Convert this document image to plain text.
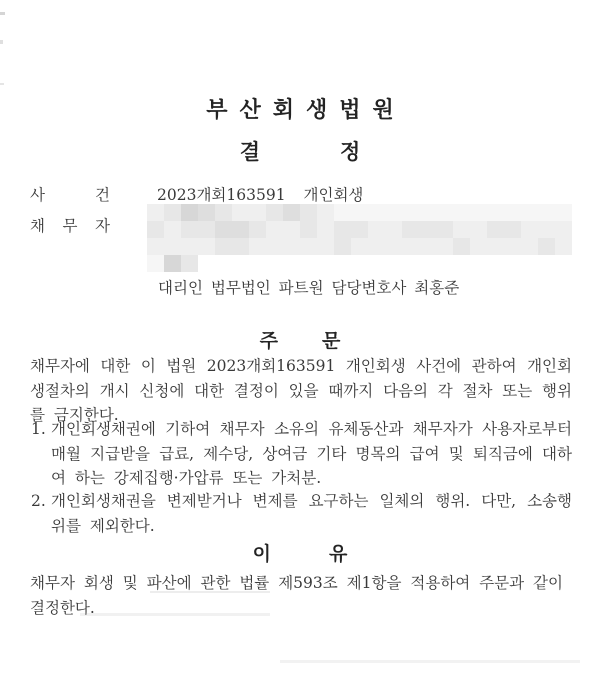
부산회생법원
결	정
사	건	2023개회163591 개인회생
채 무 자
대리인 법무법인 파트원 담당변호사 최홍준
주 문

채무자에 대한 이 법원 2023개회163591 개인회생 사건에 관하여 개인회생절차의 개시 신청에 대한 결정이 있을 때까지 다음의 각 절차 또는 행위를 금지한다.

1. 개인회생채권에 기하여 채무자 소유의 유체동산과 채무자가 사용자로부터 매월 지급받을 급료, 제수당, 상여금 기타 명목의 급여 및 퇴직금에 대하여 하는 강제집행·가압류 또는 가처분.
2. 개인회생채권을 변제받거나 변제를 요구하는 일체의 행위. 다만, 소송행위를 제외한다.
이	유

채무자 회생 및 파산에 관한 법률 제593조 제1항을 적용하여 주문과 같이 결정한다.
